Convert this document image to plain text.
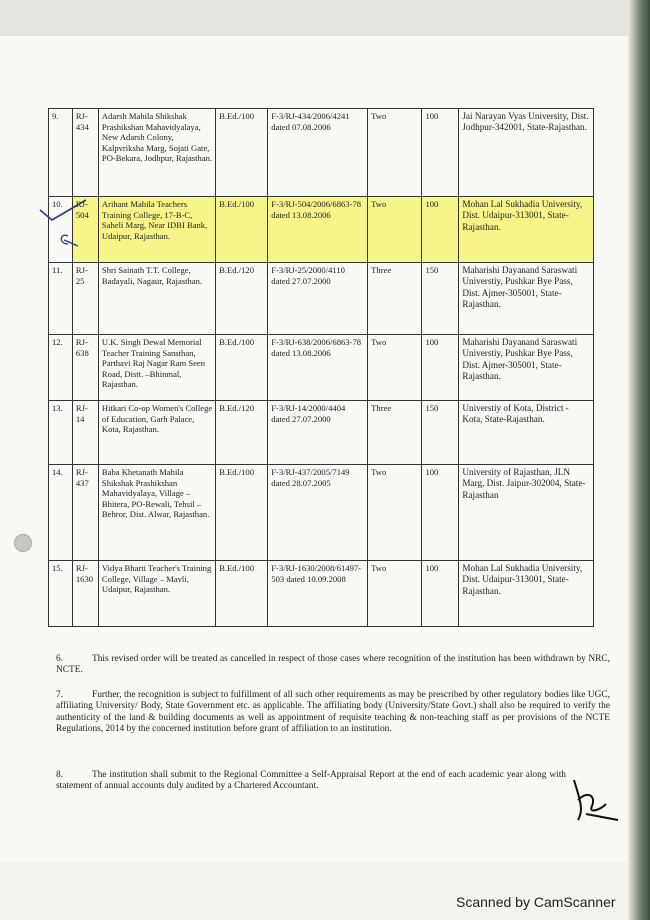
9.	RJ-434	Adarsh Mahila Shikshak Prashikshan Mahavidyalaya, New Adarsh Colony, Kalpvriksha Marg, Sojati Gate, PO-Bekara, Jodhpur, Rajasthan.	B.Ed./100	F-3/RJ-434/2006/4241 dated 07.08.2006	Two	100	Jai Narayan Vyas University, Dist. Jodhpur-342001, State-Rajasthan.
10.	RJ-504	Arihant Mahila Teachers Training College, 17-B-C, Saheli Marg, Near IDBI Bank, Udaipur, Rajasthan.	B.Ed./100	F-3/RJ-504/2006/6863-78 dated 13.08.2006	Two	100	Mohan Lal Sukhadia University, Dist. Udaipur-313001, State-Rajasthan.
11.	RJ-25	Shri Sainath T.T. College, Badayali, Nagaur, Rajasthan.	B.Ed./120	F-3/RJ-25/2000/4110 dated 27.07.2000	Three	150	Maharishi Dayanand Saraswati Universtiy, Pushkar Bye Pass, Dist. Ajmer-305001, State-Rajasthan.
12.	RJ-638	U.K. Singh Dewal Memorial Teacher Training Sansthan, Parthavi Raj Nagar Ram Seen Road, Distt. –Bhinmal, Rajasthan.	B.Ed./100	F-3/RJ-638/2006/6863-78 dated 13.08.2006	Two	100	Maharishi Dayanand Saraswati Universtiy, Pushkar Bye Pass, Dist. Ajmer-305001, State-Rajasthan.
13.	RJ-14	Hitkari Co-op Women's College of Education, Garh Palace, Kota, Rajasthan.	B.Ed./120	F-3/RJ-14/2000/4404 dated 27.07.2000	Three	150	Universtiy of Kota, District - Kota, State-Rajasthan.
14.	RJ-437	Baba Khetanath Mahila Shikshak Prashikshan Mahavidyalaya, Village – Bhitera, PO-Rewali, Tehsil – Behror, Dist. Alwar, Rajasthan.	B.Ed./100	F-3/RJ-437/2005/7149 dated 28.07.2005	Two	100	University of Rajasthan, JLN Marg, Dist. Jaipur-302004, State-Rajasthan
15.	RJ-1630	Vidya Bharti Teacher's Training College, Village – Mavli, Udaipur, Rajasthan.	B.Ed./100	F-3/RJ-1630/2008/61497-503 dated 10.09.2008	Two	100	Mohan Lal Sukhadia University, Dist. Udaipur-313001, State-Rajasthan.
6.	This revised order will be treated as cancelled in respect of those cases where recognition of the institution has been withdrawn by NRC, NCTE.
7.	Further, the recognition is subject to fulfillment of all such other requirements as may be prescribed by other regulatory bodies like UGC, affiliating University/ Body, State Government etc. as applicable. The affiliating body (University/State Govt.) shall also be required to verify the authenticity of the land & building documents as well as appointment of requisite teaching & non-teaching staff as per provisions of the NCTE Regulations, 2014 by the concerned institution before grant of affiliation to an institution.
8.	The institution shall submit to the Regional Committee a Self-Appraisal Report at the end of each academic year along with statement of annual accounts duly audited by a Chartered Accountant.
Scanned by CamScanner
